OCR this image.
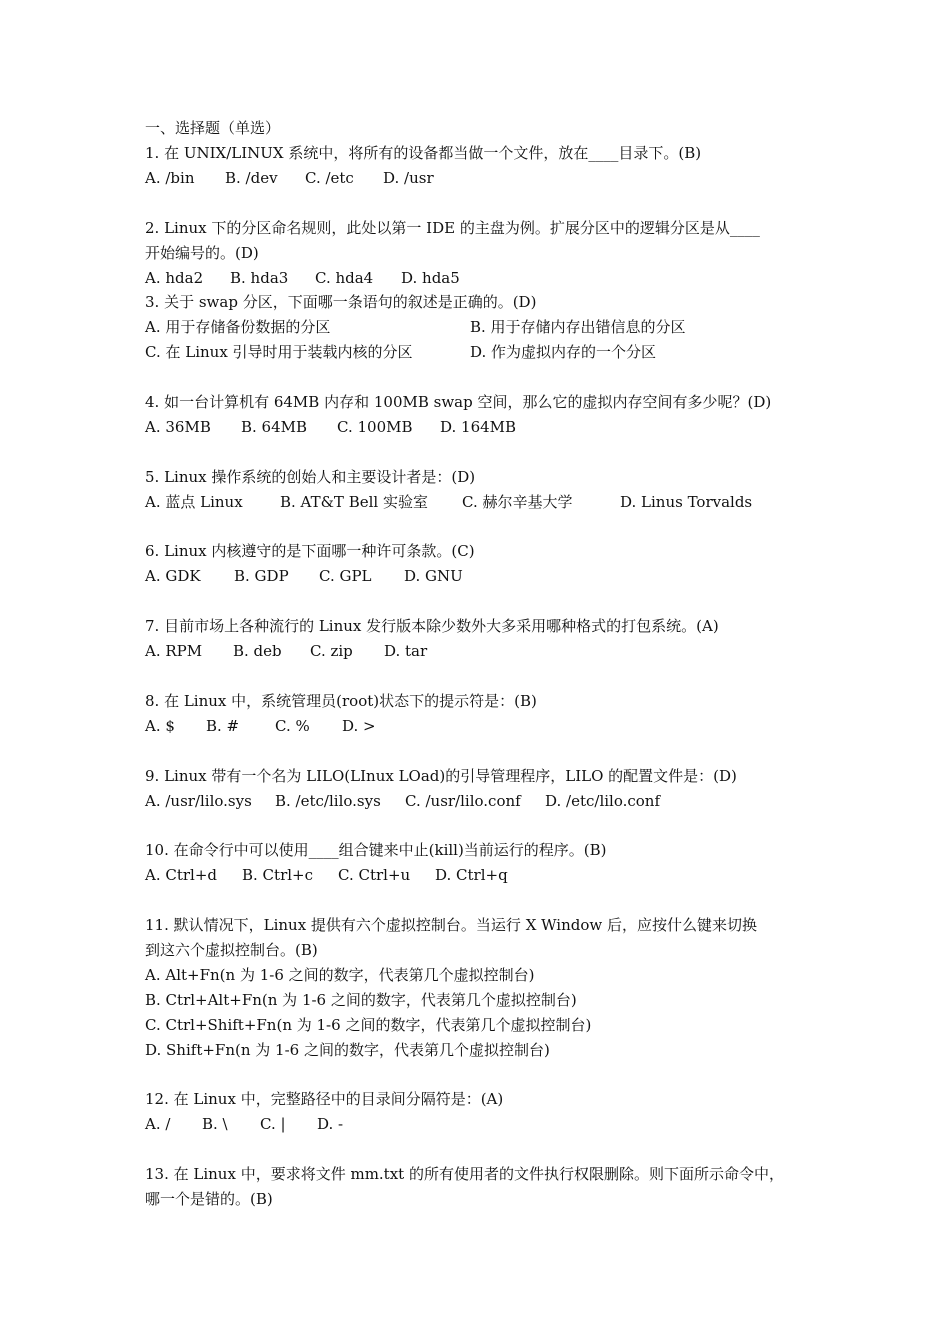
一、选择题（单选）
1. 在 UNIX/LINUX 系统中，将所有的设备都当做一个文件，放在____目录下。(B)
A. /bin B. /dev C. /etc D. /usr
2. Linux 下的分区命名规则，此处以第一 IDE 的主盘为例。扩展分区中的逻辑分区是从____
开始编号的。(D)
A. hda2 B. hda3 C. hda4 D. hda5
3. 关于 swap 分区，下面哪一条语句的叙述是正确的。(D)
A. 用于存储备份数据的分区	B. 用于存储内存出错信息的分区
C. 在 Linux 引导时用于装载内核的分区	D. 作为虚拟内存的一个分区
4. 如一台计算机有 64MB 内存和 100MB swap 空间，那么它的虚拟内存空间有多少呢？(D)
A. 36MB B. 64MB C. 100MB D. 164MB
5. Linux 操作系统的创始人和主要设计者是：(D)
A. 蓝点 Linux B. AT&T Bell 实验室 C. 赫尔辛基大学	D. Linus Torvalds
6. Linux 内核遵守的是下面哪一种许可条款。(C)
A. GDK B. GDP C. GPL D. GNU
7. 目前市场上各种流行的 Linux 发行版本除少数外大多采用哪种格式的打包系统。(A)
A. RPM B. deb C. zip D. tar
8. 在 Linux 中，系统管理员(root)状态下的提示符是：(B)
A. $ B. # C. % D. >
9. Linux 带有一个名为 LILO(LInux LOad)的引导管理程序，LILO 的配置文件是：(D)
A. /usr/lilo.sys B. /etc/lilo.sys C. /usr/lilo.conf D. /etc/lilo.conf
10. 在命令行中可以使用____组合键来中止(kill)当前运行的程序。(B)
A. Ctrl+d B. Ctrl+c C. Ctrl+u D. Ctrl+q
11. 默认情况下，Linux 提供有六个虚拟控制台。当运行 X Window 后，应按什么键来切换
到这六个虚拟控制台。(B)
A. Alt+Fn(n 为 1-6 之间的数字，代表第几个虚拟控制台)
B. Ctrl+Alt+Fn(n 为 1-6 之间的数字，代表第几个虚拟控制台)
C. Ctrl+Shift+Fn(n 为 1-6 之间的数字，代表第几个虚拟控制台)
D. Shift+Fn(n 为 1-6 之间的数字，代表第几个虚拟控制台)
12. 在 Linux 中，完整路径中的目录间分隔符是：(A)
A. / B. \ C. | D. -
13. 在 Linux 中，要求将文件 mm.txt 的所有使用者的文件执行权限删除。则下面所示命令中，
哪一个是错的。(B)
